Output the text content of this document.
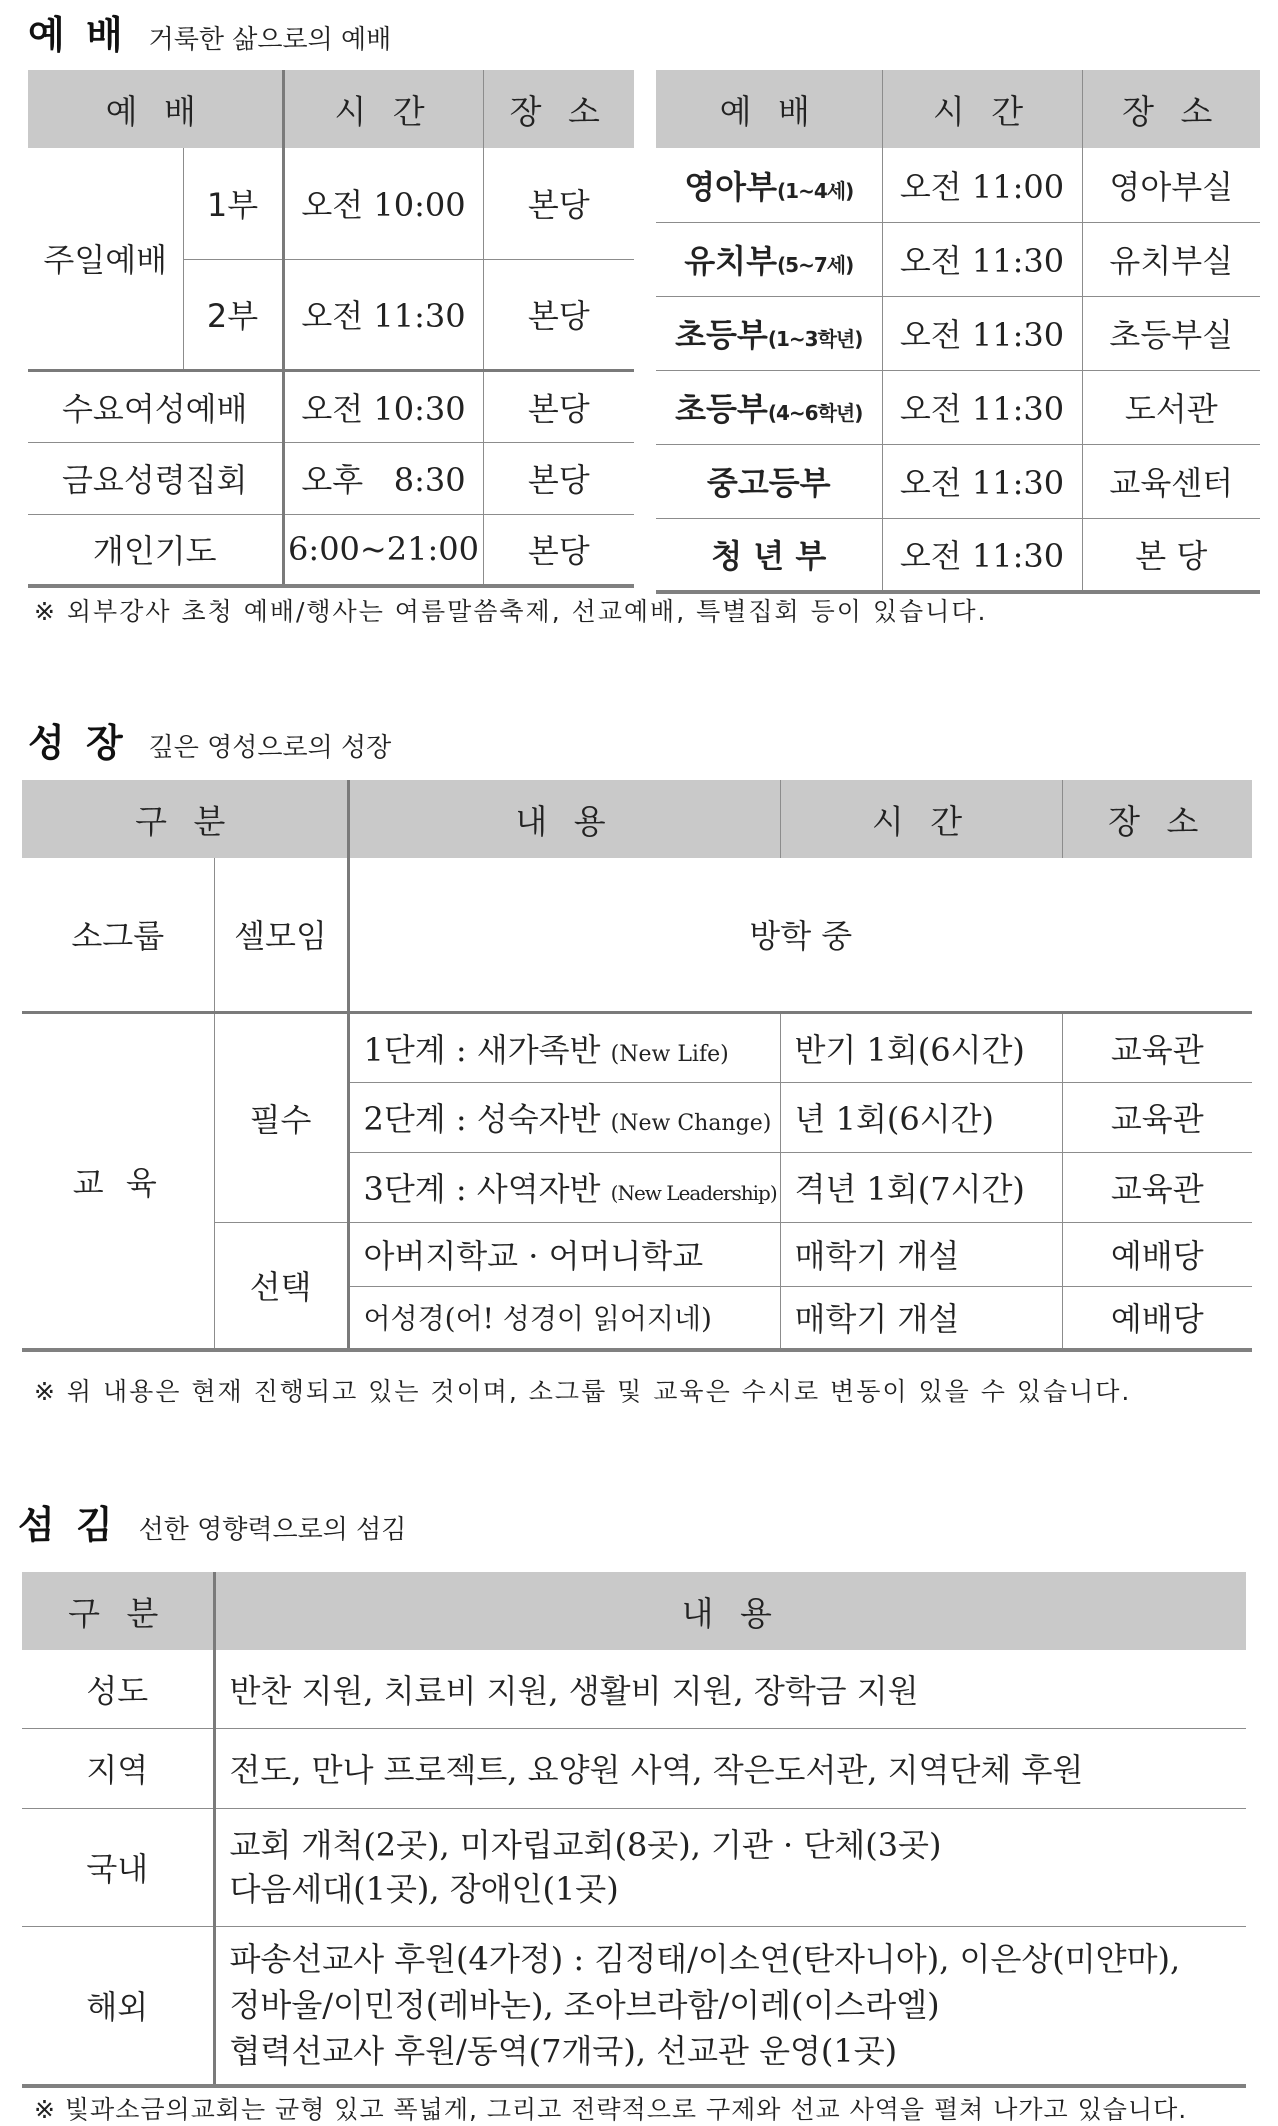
예 배 거룩한 삶으로의 예배
예 배		시 간	장 소
주일예배	1부	오전 10:00	본당
	2부	오전 11:30	본당
수요여성예배		오전 10:30	본당
금요성령집회		오후   8:30	본당
개인기도		6:00~21:00	본당
예 배	시 간	장 소
영아부(1~4세)	오전 11:00	영아부실
유치부(5~7세)	오전 11:30	유치부실
초등부(1~3학년)	오전 11:30	초등부실
초등부(4~6학년)	오전 11:30	도서관
중고등부	오전 11:30	교육센터
청 년 부	오전 11:30	본 당
※ 외부강사 초청 예배/행사는 여름말씀축제, 선교예배, 특별집회 등이 있습니다.
성 장 깊은 영성으로의 성장
구 분		내 용	시 간	장 소
소그룹	셀모임	방학 중		
교 육	필수	1단계 : 새가족반 (New Life)	반기 1회(6시간)	교육관
		2단계 : 성숙자반 (New Change)	년 1회(6시간)	교육관
		3단계 : 사역자반 (New Leadership)	격년 1회(7시간)	교육관
	선택	아버지학교 · 어머니학교	매학기 개설	예배당
		어성경(어! 성경이 읽어지네)	매학기 개설	예배당
※ 위 내용은 현재 진행되고 있는 것이며, 소그룹 및 교육은 수시로 변동이 있을 수 있습니다.
섬 김 선한 영향력으로의 섬김
구 분	내 용
성도	반찬 지원, 치료비 지원, 생활비 지원, 장학금 지원
지역	전도, 만나 프로젝트, 요양원 사역, 작은도서관, 지역단체 후원
국내	교회 개척(2곳), 미자립교회(8곳), 기관 · 단체(3곳)
다음세대(1곳), 장애인(1곳)

해외	파송선교사 후원(4가정) : 김정태/이소연(탄자니아), 이은상(미얀마),
정바울/이민정(레바논), 조아브라함/이레(이스라엘)
협력선교사 후원/동역(7개국), 선교관 운영(1곳)
※ 빛과소금의교회는 균형 있고 폭넓게, 그리고 전략적으로 구제와 선교 사역을 펼쳐 나가고 있습니다.
